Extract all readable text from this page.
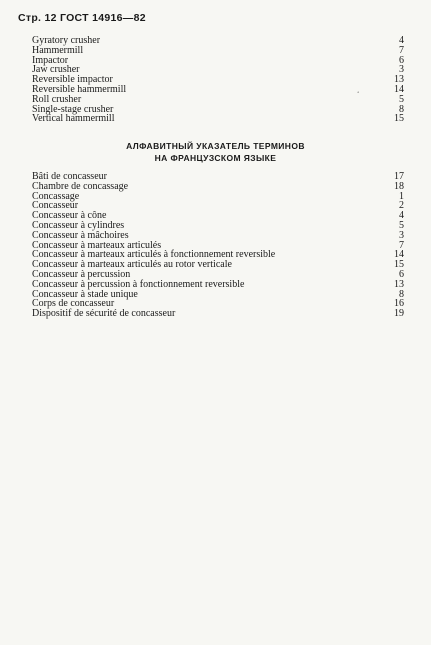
Стр. 12 ГОСТ 14916—82
Gyratory crusher	4
Hammermill	7
Impactor	6
Jaw crusher	3
Reversible impactor	13
Reversible hammermill	14
Roll crusher	5
Single-stage crusher	8
Vertical hammermill	15
ʻ
АЛФАВИТНЫЙ УКАЗАТЕЛЬ ТЕРМИНОВ
НА ФРАНЦУЗСКОМ ЯЗЫКЕ
Bâti de concasseur	17
Chambre de concassage	18
Concassage	1
Concasseur	2
Concasseur à cône	4
Concasseur à cylindres	5
Concasseur à mâchoires	3
Concasseur à marteaux articulés	7
Concasseur à marteaux articulés à fonctionnement reversible	14
Concasseur à marteaux articulés au rotor verticale	15
Concasseur à percussion	6
Concasseur à percussion à fonctionnement reversible	13
Concasseur à stade unique	8
Corps de concasseur	16
Dispositif de sécurité de concasseur	19
